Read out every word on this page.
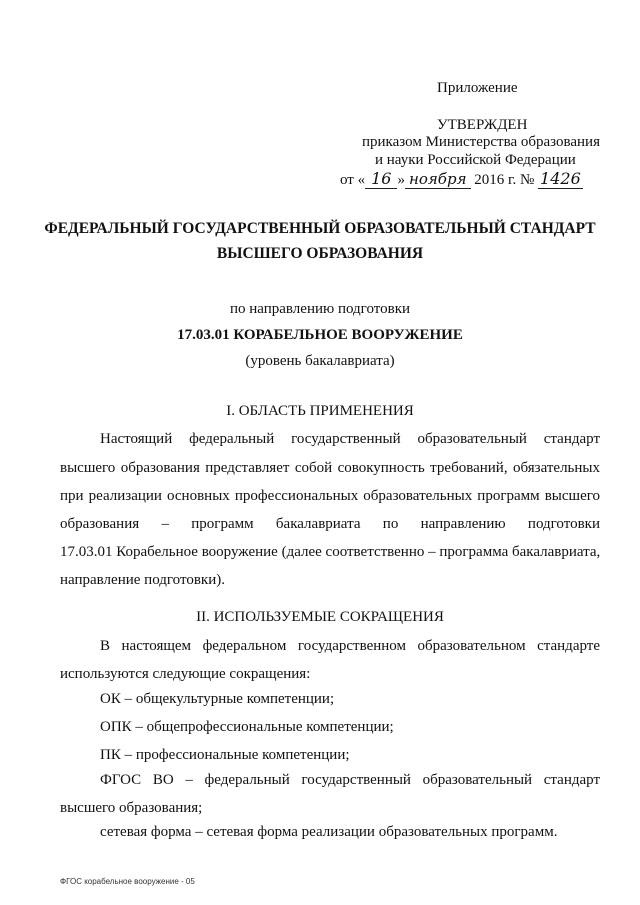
Приложение
УТВЕРЖДЕН
приказом Министерства образования
и науки Российской Федерации
от « 16 » ноября 2016 г. № 1426
ФЕДЕРАЛЬНЫЙ ГОСУДАРСТВЕННЫЙ ОБРАЗОВАТЕЛЬНЫЙ СТАНДАРТ
ВЫСШЕГО ОБРАЗОВАНИЯ
по направлению подготовки
17.03.01 КОРАБЕЛЬНОЕ ВООРУЖЕНИЕ
(уровень бакалавриата)
I. ОБЛАСТЬ ПРИМЕНЕНИЯ
Настоящий федеральный государственный образовательный стандарт
высшего образования представляет собой совокупность требований, обязательных
при реализации основных профессиональных образовательных программ высшего
образования – программ бакалавриата по направлению подготовки
17.03.01 Корабельное вооружение (далее соответственно – программа бакалавриата,
направление подготовки).
II. ИСПОЛЬЗУЕМЫЕ СОКРАЩЕНИЯ
В настоящем федеральном государственном образовательном стандарте
используются следующие сокращения:
ОК – общекультурные компетенции;
ОПК – общепрофессиональные компетенции;
ПК – профессиональные компетенции;
ФГОС ВО – федеральный государственный образовательный стандарт
высшего образования;
сетевая форма – сетевая форма реализации образовательных программ.
ФГОС корабельное вооружение - 05
